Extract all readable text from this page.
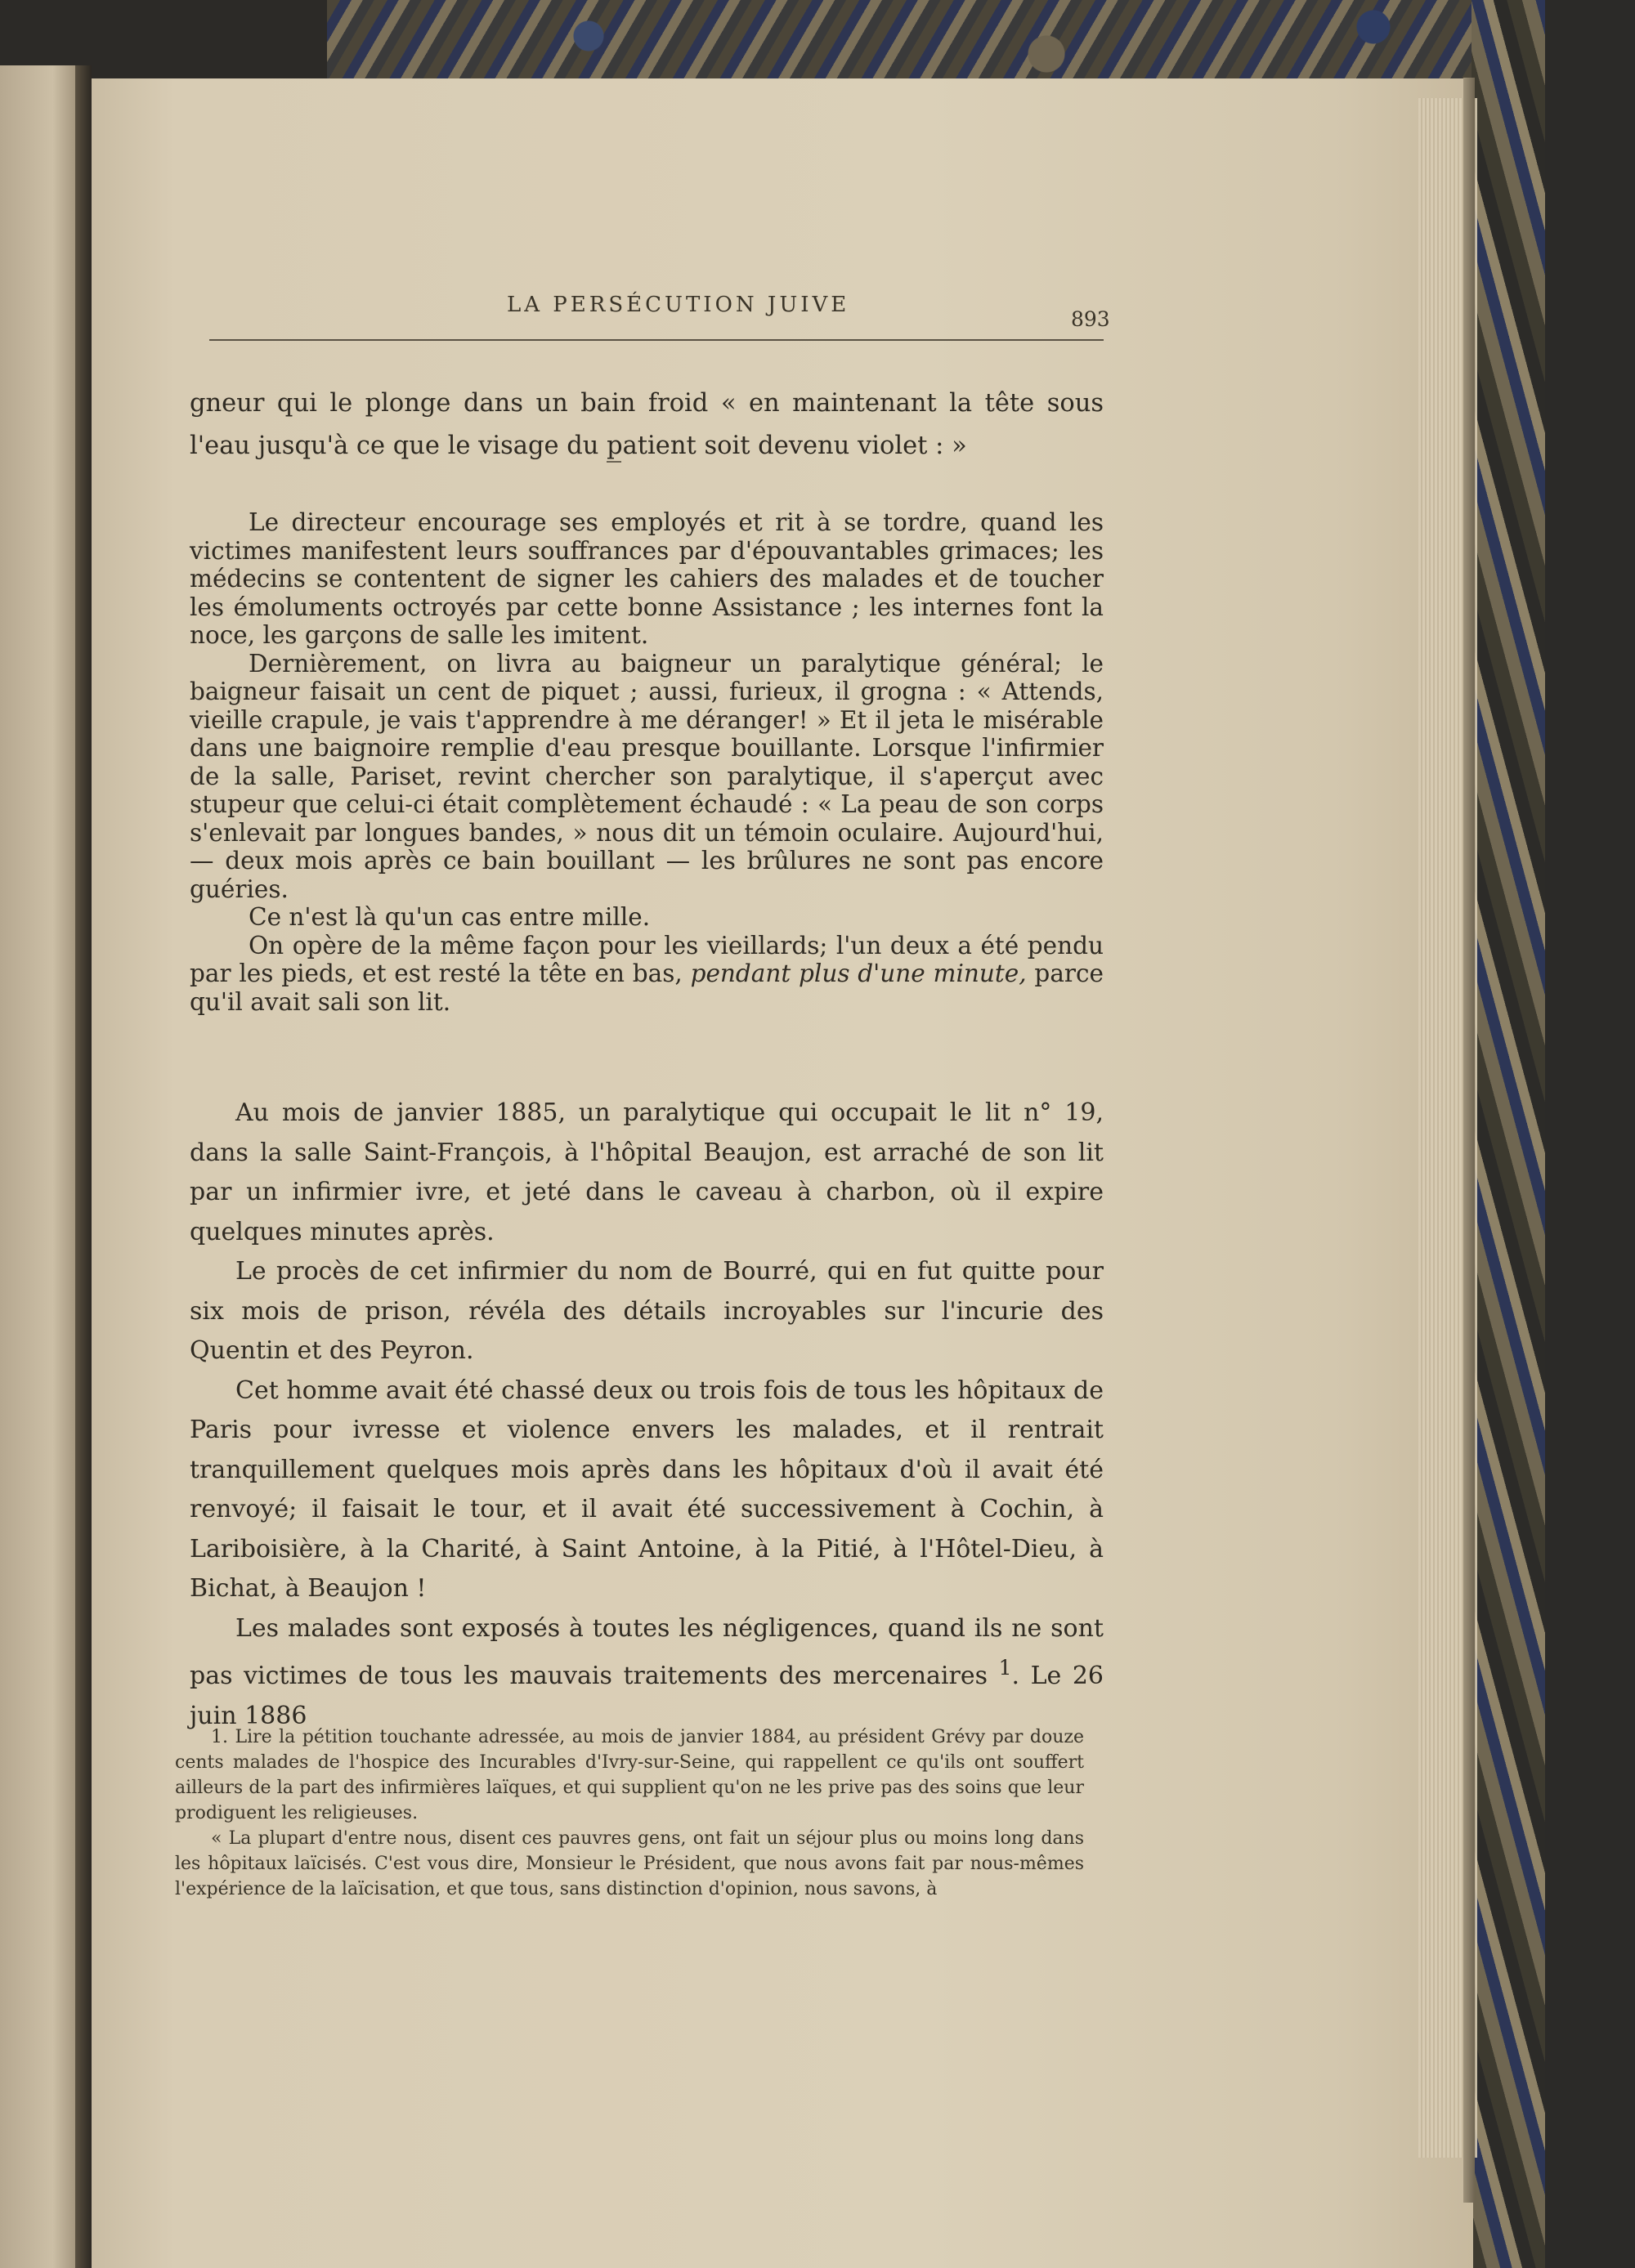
LA PERSÉCUTION JUIVE
893

gneur qui le plonge dans un bain froid « en maintenant la tête sous l'eau jusqu'à ce que le visage du patient soit devenu violet : »

Le directeur encourage ses employés et rit à se tordre, quand les victimes manifestent leurs souffrances par d'épouvantables grimaces; les médecins se contentent de signer les cahiers des malades et de toucher les émoluments octroyés par cette bonne Assistance ; les internes font la noce, les garçons de salle les imitent.

Dernièrement, on livra au baigneur un paralytique général; le baigneur faisait un cent de piquet ; aussi, furieux, il grogna : « Attends, vieille crapule, je vais t'apprendre à me déranger! » Et il jeta le misérable dans une baignoire remplie d'eau presque bouillante. Lorsque l'infirmier de la salle, Pariset, revint chercher son paralytique, il s'aperçut avec stupeur que celui-ci était complètement échaudé : « La peau de son corps s'enlevait par longues bandes, » nous dit un témoin oculaire. Aujourd'hui, — deux mois après ce bain bouillant — les brûlures ne sont pas encore guéries.

Ce n'est là qu'un cas entre mille.

On opère de la même façon pour les vieillards; l'un deux a été pendu par les pieds, et est resté la tête en bas, pendant plus d'une minute, parce qu'il avait sali son lit.

Au mois de janvier 1885, un paralytique qui occupait le lit n° 19, dans la salle Saint-François, à l'hôpital Beaujon, est arraché de son lit par un infirmier ivre, et jeté dans le caveau à charbon, où il expire quelques minutes après.

Le procès de cet infirmier du nom de Bourré, qui en fut quitte pour six mois de prison, révéla des détails incroyables sur l'incurie des Quentin et des Peyron.

Cet homme avait été chassé deux ou trois fois de tous les hôpitaux de Paris pour ivresse et violence envers les malades, et il rentrait tranquillement quelques mois après dans les hôpitaux d'où il avait été renvoyé; il faisait le tour, et il avait été successivement à Cochin, à Lariboisière, à la Charité, à Saint Antoine, à la Pitié, à l'Hôtel-Dieu, à Bichat, à Beaujon !

Les malades sont exposés à toutes les négligences, quand ils ne sont pas victimes de tous les mauvais traitements des mercenaires $^1$. Le 26 juin 1886

1. Lire la pétition touchante adressée, au mois de janvier 1884, au président Grévy par douze cents malades de l'hospice des Incurables d'Ivry-sur-Seine, qui rappellent ce qu'ils ont souffert ailleurs de la part des infirmières laïques, et qui supplient qu'on ne les prive pas des soins que leur prodiguent les religieuses.

« La plupart d'entre nous, disent ces pauvres gens, ont fait un séjour plus ou moins long dans les hôpitaux laïcisés. C'est vous dire, Monsieur le Président, que nous avons fait par nous-mêmes l'expérience de la laïcisation, et que tous, sans distinction d'opinion, nous savons, à
